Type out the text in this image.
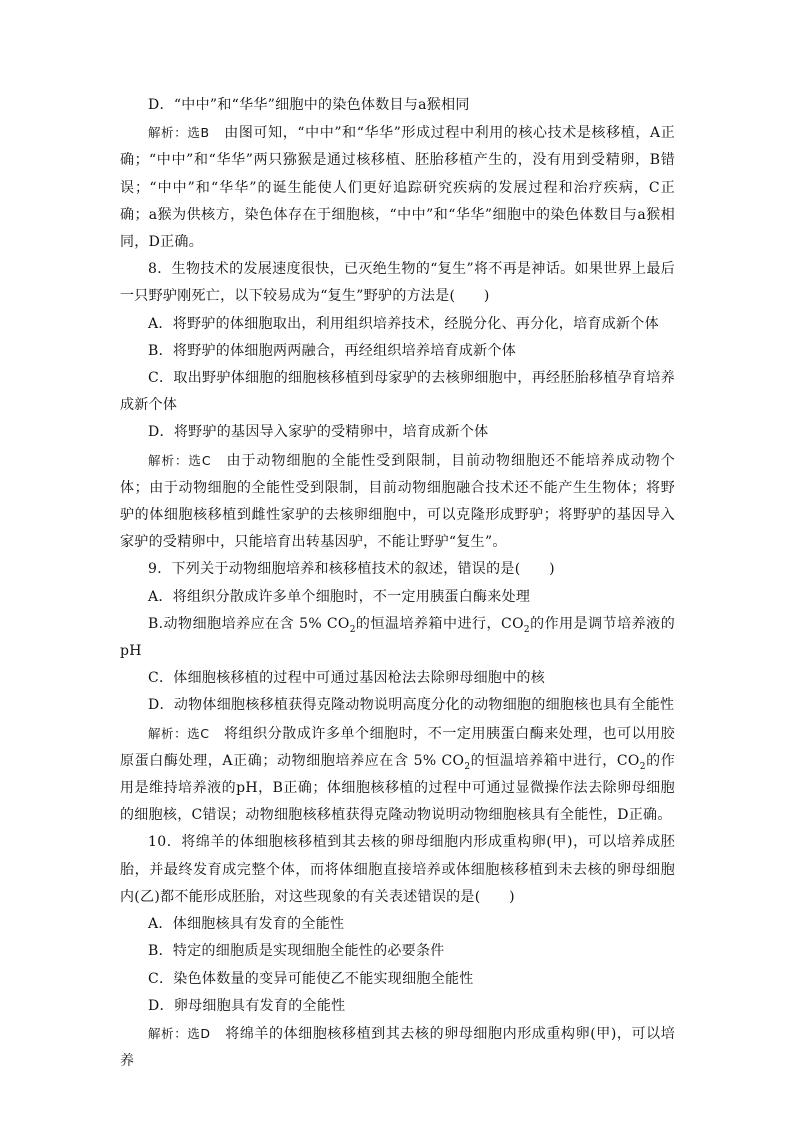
D．“中中”和“华华”细胞中的染色体数目与a猴相同

解析：选B　由图可知，“中中”和“华华”形成过程中利用的核心技术是核移植，A正确；“中中”和“华华”两只猕猴是通过核移植、胚胎移植产生的，没有用到受精卵，B错误；“中中”和“华华”的诞生能使人们更好追踪研究疾病的发展过程和治疗疾病，C正确；a猴为供核方，染色体存在于细胞核，“中中”和“华华”细胞中的染色体数目与a猴相同，D正确。

8．生物技术的发展速度很快，已灭绝生物的“复生”将不再是神话。如果世界上最后一只野驴刚死亡，以下较易成为“复生”野驴的方法是(　　)

A．将野驴的体细胞取出，利用组织培养技术，经脱分化、再分化，培育成新个体

B．将野驴的体细胞两两融合，再经组织培养培育成新个体

C．取出野驴体细胞的细胞核移植到母家驴的去核卵细胞中，再经胚胎移植孕育培养成新个体

D．将野驴的基因导入家驴的受精卵中，培育成新个体

解析：选C　由于动物细胞的全能性受到限制，目前动物细胞还不能培养成动物个体；由于动物细胞的全能性受到限制，目前动物细胞融合技术还不能产生生物体；将野驴的体细胞核移植到雌性家驴的去核卵细胞中，可以克隆形成野驴；将野驴的基因导入家驴的受精卵中，只能培育出转基因驴，不能让野驴“复生”。

9．下列关于动物细胞培养和核移植技术的叙述，错误的是(　　)

A．将组织分散成许多单个细胞时，不一定用胰蛋白酶来处理

B.动物细胞培养应在含 5% $CO_2$的恒温培养箱中进行，$CO_2$的作用是调节培养液的pH

C．体细胞核移植的过程中可通过基因枪法去除卵母细胞中的核

D．动物体细胞核移植获得克隆动物说明高度分化的动物细胞的细胞核也具有全能性

解析：选C　将组织分散成许多单个细胞时，不一定用胰蛋白酶来处理，也可以用胶原蛋白酶处理，A正确；动物细胞培养应在含 5% $CO_2$的恒温培养箱中进行，$CO_2$的作用是维持培养液的pH，B正确；体细胞核移植的过程中可通过显微操作法去除卵母细胞的细胞核，C错误；动物细胞核移植获得克隆动物说明动物细胞核具有全能性，D正确。

10．将绵羊的体细胞核移植到其去核的卵母细胞内形成重构卵(甲)，可以培养成胚胎，并最终发育成完整个体，而将体细胞直接培养或体细胞核移植到未去核的卵母细胞内(乙)都不能形成胚胎，对这些现象的有关表述错误的是(　　)

A．体细胞核具有发育的全能性

B．特定的细胞质是实现细胞全能性的必要条件

C．染色体数量的变异可能使乙不能实现细胞全能性

D．卵母细胞具有发育的全能性

解析：选D　将绵羊的体细胞核移植到其去核的卵母细胞内形成重构卵(甲)，可以培养
